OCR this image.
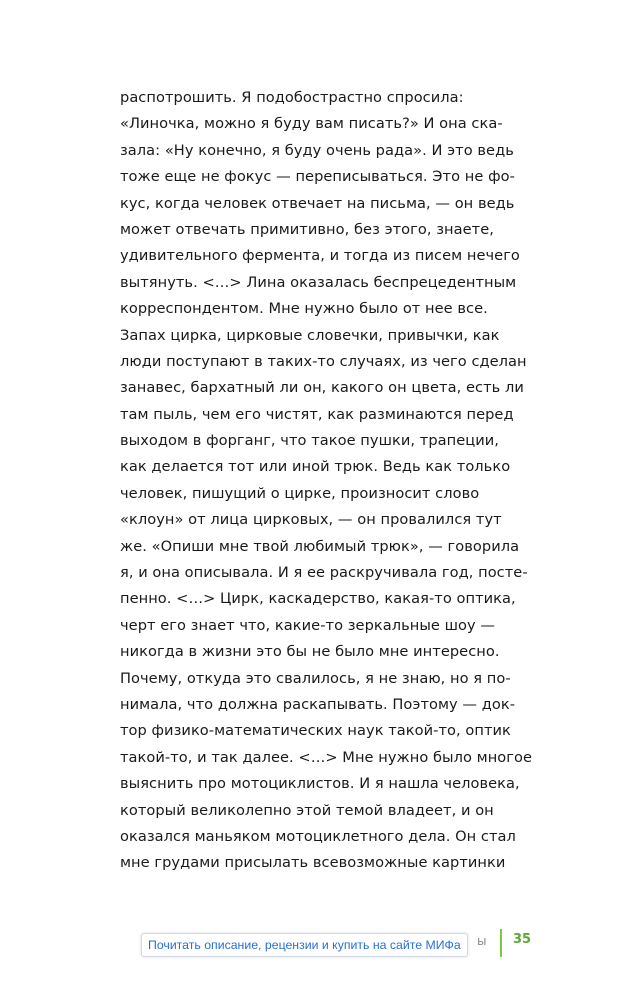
распотрошить. Я подобострастно спросила:
«Линочка, можно я буду вам писать?» И она ска-
зала: «Ну конечно, я буду очень рада». И это ведь
тоже еще не фокус — переписываться. Это не фо-
кус, когда человек отвечает на письма, — он ведь
может отвечать примитивно, без этого, знаете,
удивительного фермента, и тогда из писем нечего
вытянуть. <…> Лина оказалась беспрецедентным
корреспондентом. Мне нужно было от нее все.
Запах цирка, цирковые словечки, привычки, как
люди поступают в таких-то случаях, из чего сделан
занавес, бархатный ли он, какого он цвета, есть ли
там пыль, чем его чистят, как разминаются перед
выходом в форганг, что такое пушки, трапеции,
как делается тот или иной трюк. Ведь как только
человек, пишущий о цирке, произносит слово
«клоун» от лица цирковых, — он провалился тут
же. «Опиши мне твой любимый трюк», — говорила
я, и она описывала. И я ее раскручивала год, посте-
пенно. <…> Цирк, каскадерство, какая-то оптика,
черт его знает что, какие-то зеркальные шоу —
никогда в жизни это бы не было мне интересно.
Почему, откуда это свалилось, я не знаю, но я по-
нимала, что должна раскапывать. Поэтому — док-
тор физико-математических наук такой-то, оптик
такой-то, и так далее. <…> Мне нужно было многое
выяснить про мотоциклистов. И я нашла человека,
который великолепно этой темой владеет, и он
оказался маньяком мотоциклетного дела. Он стал
мне грудами присылать всевозможные картинки
ы
Почитать описание, рецензии и купить на сайте МИФа	35
